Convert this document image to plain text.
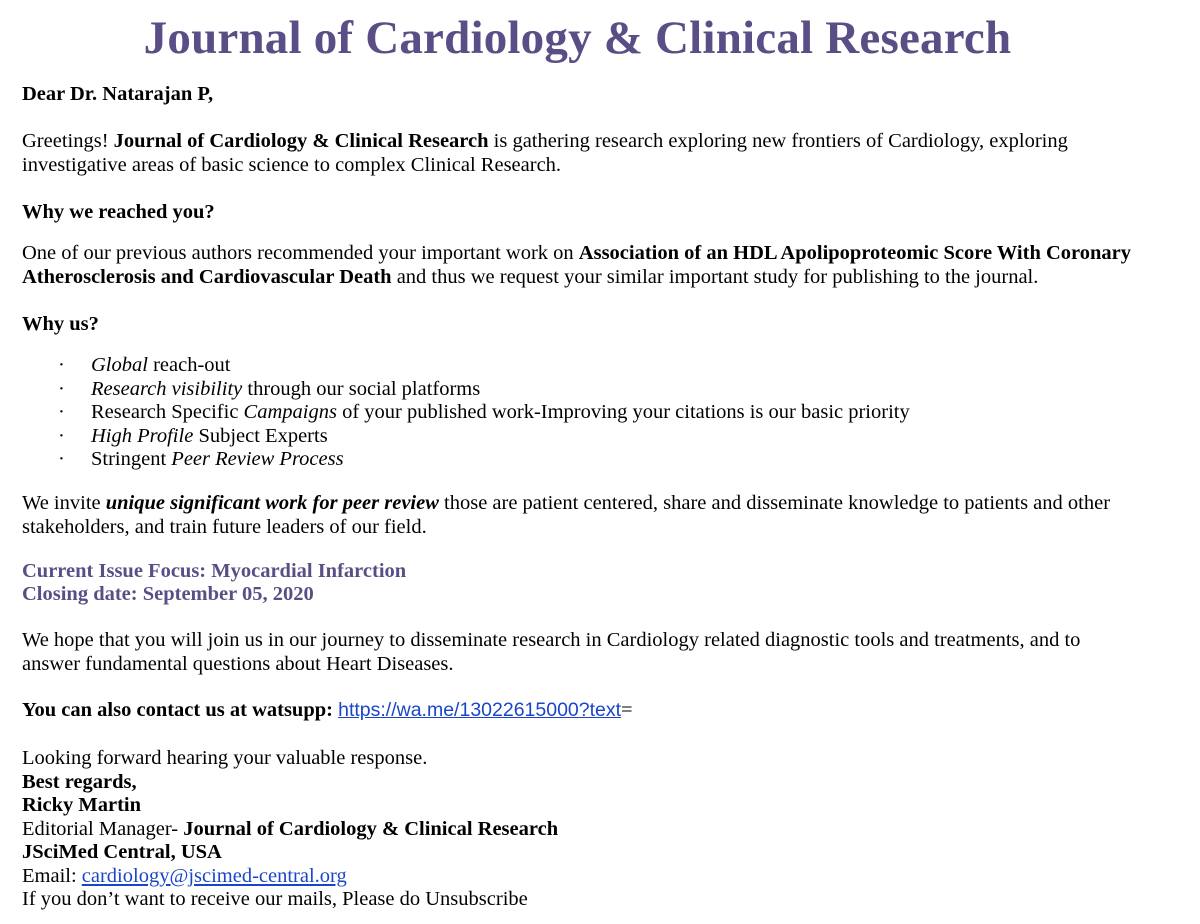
Journal of Cardiology & Clinical Research
Dear Dr. Natarajan P,
Greetings! Journal of Cardiology & Clinical Research is gathering research exploring new frontiers of Cardiology, exploring
investigative areas of basic science to complex Clinical Research.
Why we reached you?
One of our previous authors recommended your important work on Association of an HDL Apolipoproteomic Score With Coronary
Atherosclerosis and Cardiovascular Death and thus we request your similar important study for publishing to the journal.
Why us?
· Global reach-out
· Research visibility through our social platforms
· Research Specific Campaigns of your published work-Improving your citations is our basic priority
· High Profile Subject Experts
· Stringent Peer Review Process
We invite unique significant work for peer review those are patient centered, share and disseminate knowledge to patients and other
stakeholders, and train future leaders of our field.
Current Issue Focus: Myocardial Infarction
Closing date: September 05, 2020
We hope that you will join us in our journey to disseminate research in Cardiology related diagnostic tools and treatments, and to
answer fundamental questions about Heart Diseases.
You can also contact us at watsupp: https://wa.me/13022615000?text=
Looking forward hearing your valuable response.
Best regards,
Ricky Martin
Editorial Manager- Journal of Cardiology & Clinical Research
JSciMed Central, USA
Email: cardiology@jscimed-central.org
If you don’t want to receive our mails, Please do Unsubscribe
